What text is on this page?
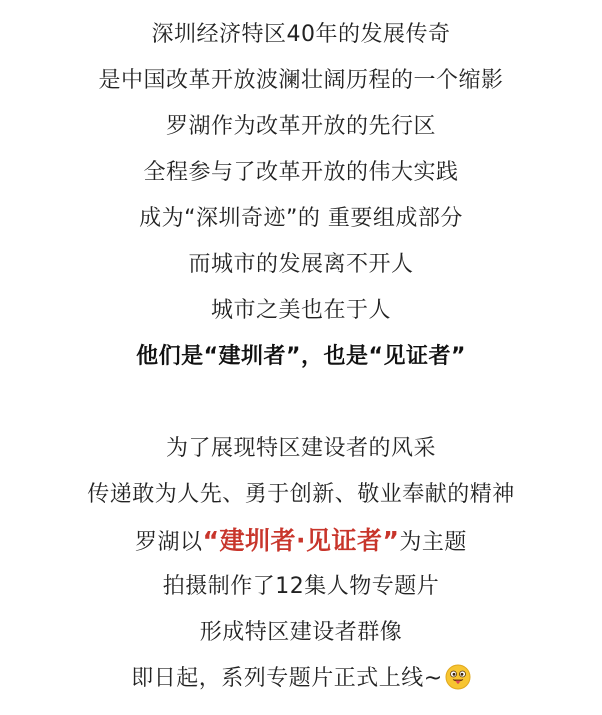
深圳经济特区40年的发展传奇
是中国改革开放波澜壮阔历程的一个缩影
罗湖作为改革开放的先行区
全程参与了改革开放的伟大实践
成为“深圳奇迹”的 重要组成部分
而城市的发展离不开人
城市之美也在于人
他们是“建圳者”，也是“见证者”
为了展现特区建设者的风采
传递敢为人先、勇于创新、敬业奉献的精神
罗湖以“建圳者·见证者”为主题
拍摄制作了12集人物专题片
形成特区建设者群像
即日起，系列专题片正式上线~
